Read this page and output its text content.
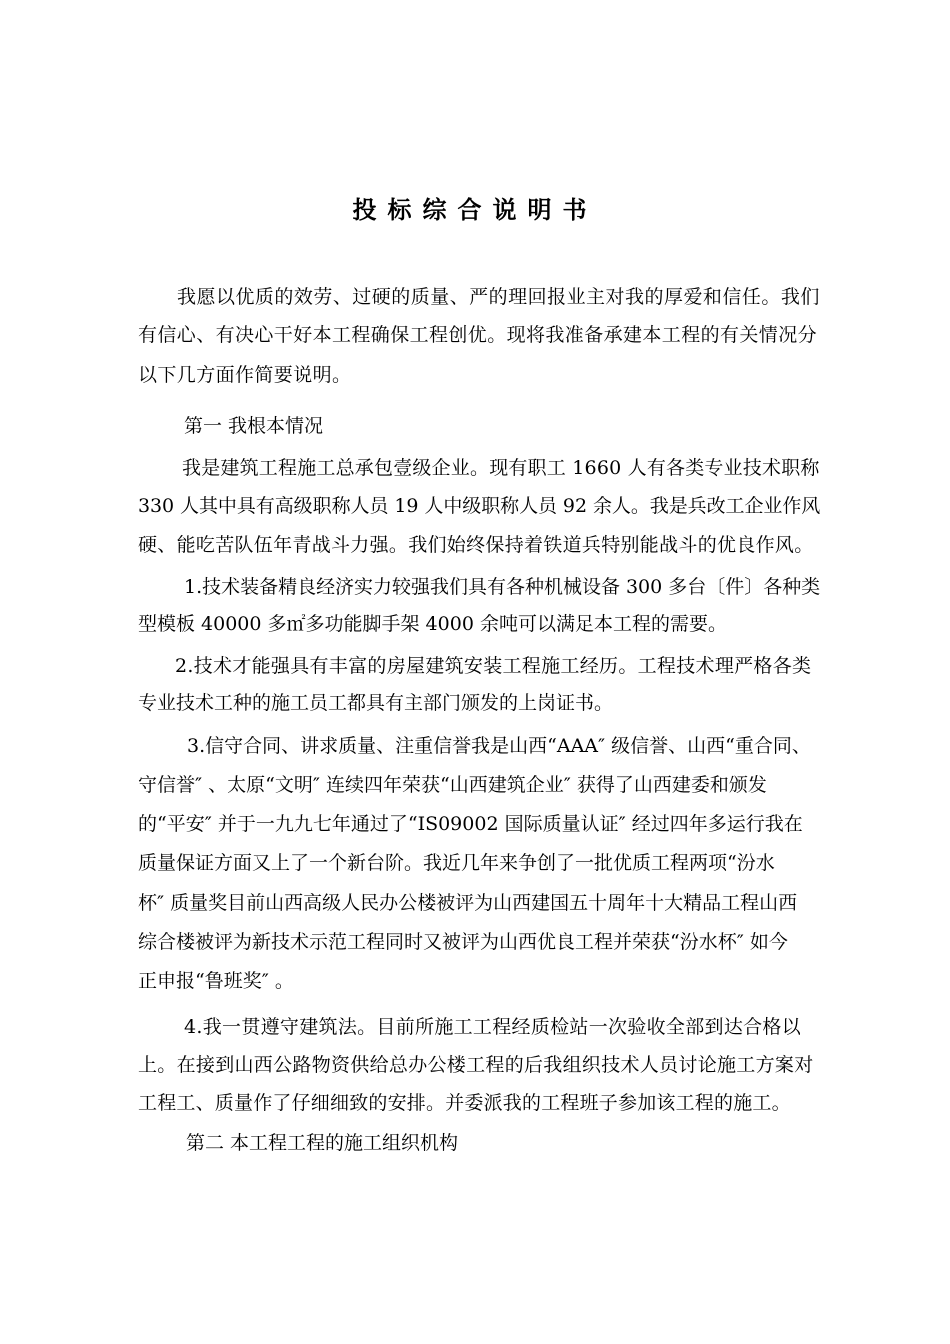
投标综合说明书

我愿以优质的效劳、过硬的质量、严的理回报业主对我的厚爱和信任。我们

有信心、有决心干好本工程确保工程创优。现将我准备承建本工程的有关情况分

以下几方面作简要说明。

第一 我根本情况

我是建筑工程施工总承包壹级企业。现有职工 1660 人有各类专业技术职称

330 人其中具有高级职称人员 19 人中级职称人员 92 余人。我是兵改工企业作风

硬、能吃苦队伍年青战斗力强。我们始终保持着铁道兵特别能战斗的优良作风。

1.技术装备精良经济实力较强我们具有各种机械设备 300 多台〔件〕各种类

型模板 40000 多㎡多功能脚手架 4000 余吨可以满足本工程的需要。

2.技术才能强具有丰富的房屋建筑安装工程施工经历。工程技术理严格各类

专业技术工种的施工员工都具有主部门颁发的上岗证书。

3.信守合同、讲求质量、注重信誉我是山西“AAA″ 级信誉、山西“重合同、

守信誉″ 、太原“文明″ 连续四年荣获“山西建筑企业″ 获得了山西建委和颁发

的“平安″ 并于一九九七年通过了“IS09002 国际质量认证″ 经过四年多运行我在

质量保证方面又上了一个新台阶。我近几年来争创了一批优质工程两项“汾水

杯″ 质量奖目前山西高级人民办公楼被评为山西建国五十周年十大精品工程山西

综合楼被评为新技术示范工程同时又被评为山西优良工程并荣获“汾水杯″ 如今

正申报“鲁班奖″ 。

4.我一贯遵守建筑法。目前所施工工程经质检站一次验收全部到达合格以

上。在接到山西公路物资供给总办公楼工程的后我组织技术人员讨论施工方案对

工程工、质量作了仔细细致的安排。并委派我的工程班子参加该工程的施工。

第二 本工程工程的施工组织机构
